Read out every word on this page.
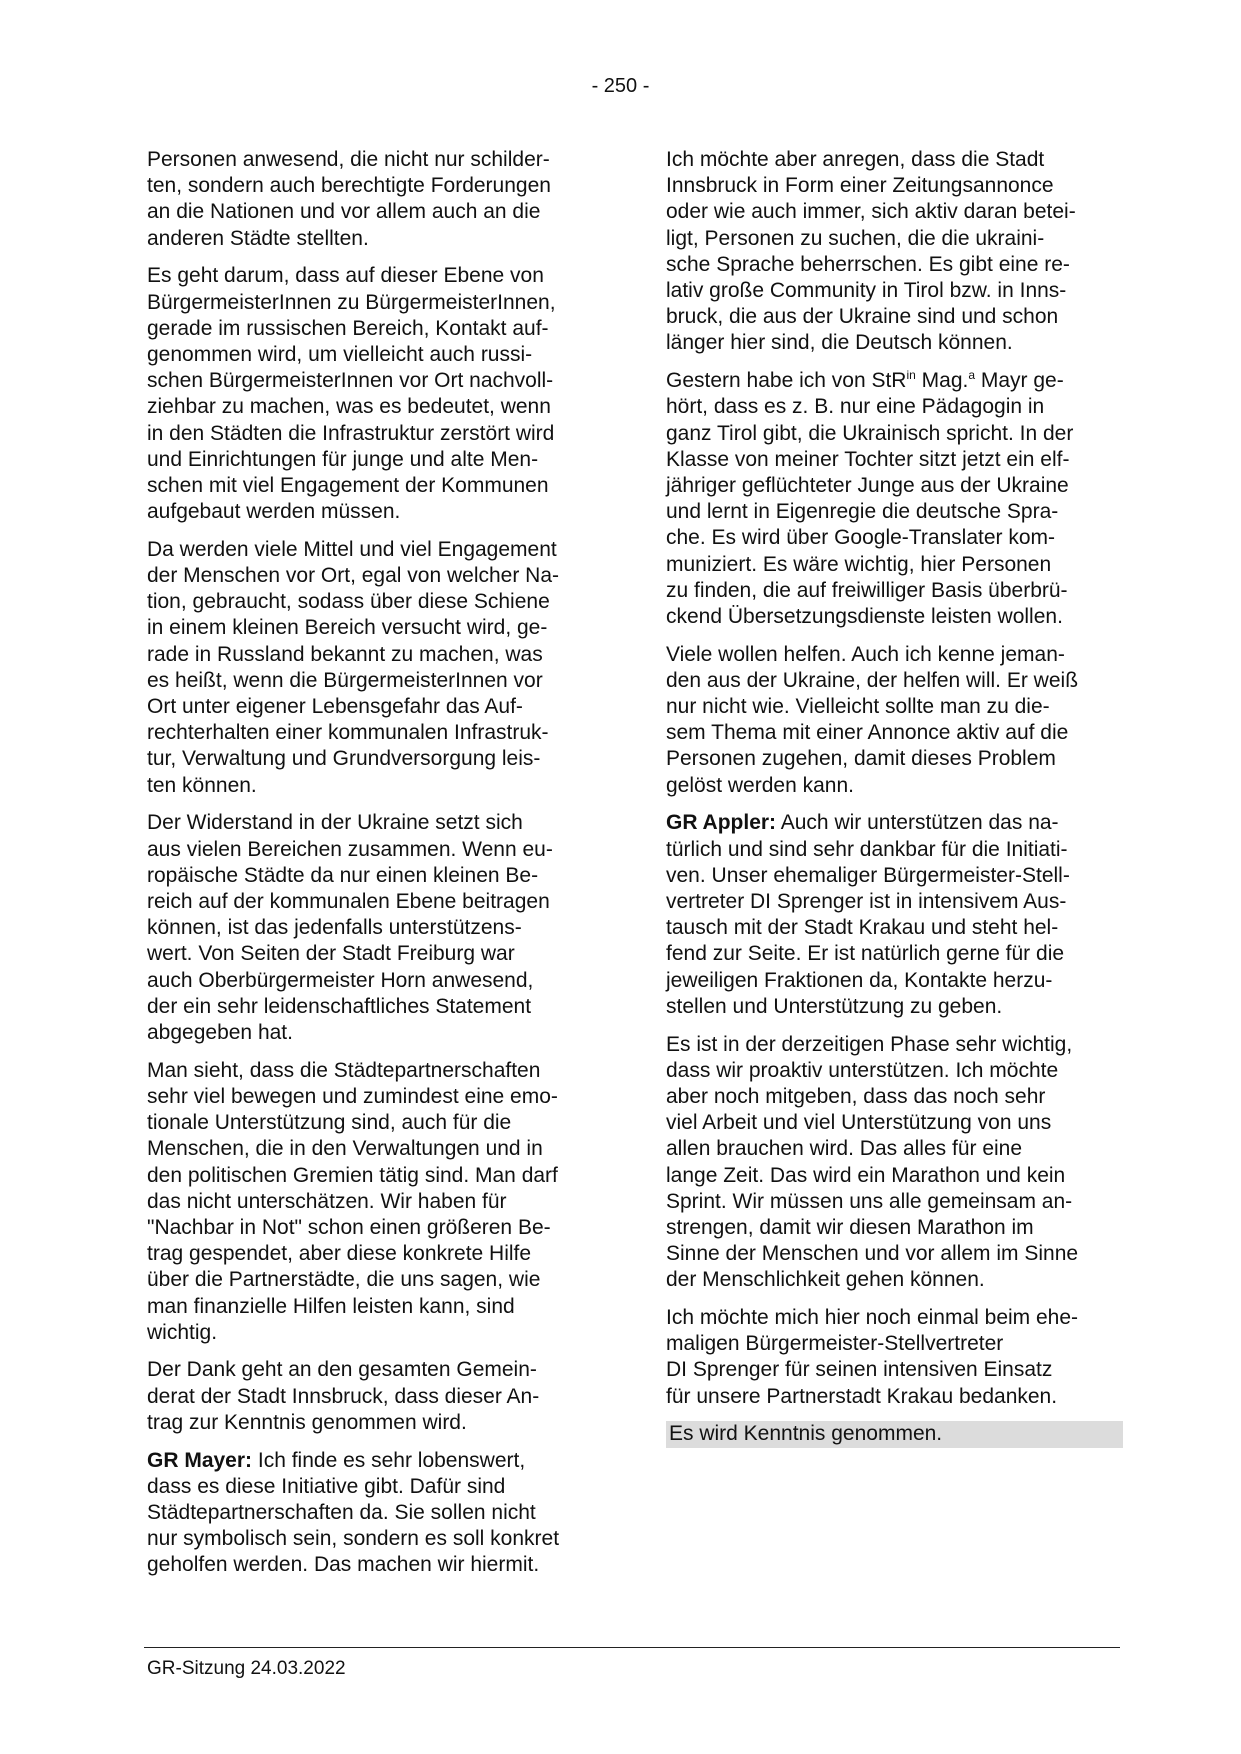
- 250 -

Personen anwesend, die nicht nur schilder-
ten, sondern auch berechtigte Forderungen
an die Nationen und vor allem auch an die
anderen Städte stellten.

Es geht darum, dass auf dieser Ebene von
BürgermeisterInnen zu BürgermeisterInnen,
gerade im russischen Bereich, Kontakt auf-
genommen wird, um vielleicht auch russi-
schen BürgermeisterInnen vor Ort nachvoll-
ziehbar zu machen, was es bedeutet, wenn
in den Städten die Infrastruktur zerstört wird
und Einrichtungen für junge und alte Men-
schen mit viel Engagement der Kommunen
aufgebaut werden müssen.

Da werden viele Mittel und viel Engagement
der Menschen vor Ort, egal von welcher Na-
tion, gebraucht, sodass über diese Schiene
in einem kleinen Bereich versucht wird, ge-
rade in Russland bekannt zu machen, was
es heißt, wenn die BürgermeisterInnen vor
Ort unter eigener Lebensgefahr das Auf-
rechterhalten einer kommunalen Infrastruk-
tur, Verwaltung und Grundversorgung leis-
ten können.

Der Widerstand in der Ukraine setzt sich
aus vielen Bereichen zusammen. Wenn eu-
ropäische Städte da nur einen kleinen Be-
reich auf der kommunalen Ebene beitragen
können, ist das jedenfalls unterstützens-
wert. Von Seiten der Stadt Freiburg war
auch Oberbürgermeister Horn anwesend,
der ein sehr leidenschaftliches Statement
abgegeben hat.

Man sieht, dass die Städtepartnerschaften
sehr viel bewegen und zumindest eine emo-
tionale Unterstützung sind, auch für die
Menschen, die in den Verwaltungen und in
den politischen Gremien tätig sind. Man darf
das nicht unterschätzen. Wir haben für
"Nachbar in Not" schon einen größeren Be-
trag gespendet, aber diese konkrete Hilfe
über die Partnerstädte, die uns sagen, wie
man finanzielle Hilfen leisten kann, sind
wichtig.

Der Dank geht an den gesamten Gemein-
derat der Stadt Innsbruck, dass dieser An-
trag zur Kenntnis genommen wird.

GR Mayer: Ich finde es sehr lobenswert,
dass es diese Initiative gibt. Dafür sind
Städtepartnerschaften da. Sie sollen nicht
nur symbolisch sein, sondern es soll konkret
geholfen werden. Das machen wir hiermit.

Ich möchte aber anregen, dass die Stadt
Innsbruck in Form einer Zeitungsannonce
oder wie auch immer, sich aktiv daran betei-
ligt, Personen zu suchen, die die ukraini-
sche Sprache beherrschen. Es gibt eine re-
lativ große Community in Tirol bzw. in Inns-
bruck, die aus der Ukraine sind und schon
länger hier sind, die Deutsch können.

Gestern habe ich von StR$^{in}$ Mag.$^a$ Mayr ge-
hört, dass es z. B. nur eine Pädagogin in
ganz Tirol gibt, die Ukrainisch spricht. In der
Klasse von meiner Tochter sitzt jetzt ein elf-
jähriger geflüchteter Junge aus der Ukraine
und lernt in Eigenregie die deutsche Spra-
che. Es wird über Google-Translater kom-
muniziert. Es wäre wichtig, hier Personen
zu finden, die auf freiwilliger Basis überbrü-
ckend Übersetzungsdienste leisten wollen.

Viele wollen helfen. Auch ich kenne jeman-
den aus der Ukraine, der helfen will. Er weiß
nur nicht wie. Vielleicht sollte man zu die-
sem Thema mit einer Annonce aktiv auf die
Personen zugehen, damit dieses Problem
gelöst werden kann.

GR Appler: Auch wir unterstützen das na-
türlich und sind sehr dankbar für die Initiati-
ven. Unser ehemaliger Bürgermeister-Stell-
vertreter DI Sprenger ist in intensivem Aus-
tausch mit der Stadt Krakau und steht hel-
fend zur Seite. Er ist natürlich gerne für die
jeweiligen Fraktionen da, Kontakte herzu-
stellen und Unterstützung zu geben.

Es ist in der derzeitigen Phase sehr wichtig,
dass wir proaktiv unterstützen. Ich möchte
aber noch mitgeben, dass das noch sehr
viel Arbeit und viel Unterstützung von uns
allen brauchen wird. Das alles für eine
lange Zeit. Das wird ein Marathon und kein
Sprint. Wir müssen uns alle gemeinsam an-
strengen, damit wir diesen Marathon im
Sinne der Menschen und vor allem im Sinne
der Menschlichkeit gehen können.

Ich möchte mich hier noch einmal beim ehe-
maligen Bürgermeister-Stellvertreter
DI Sprenger für seinen intensiven Einsatz
für unsere Partnerstadt Krakau bedanken.

Es wird Kenntnis genommen.

GR-Sitzung 24.03.2022
